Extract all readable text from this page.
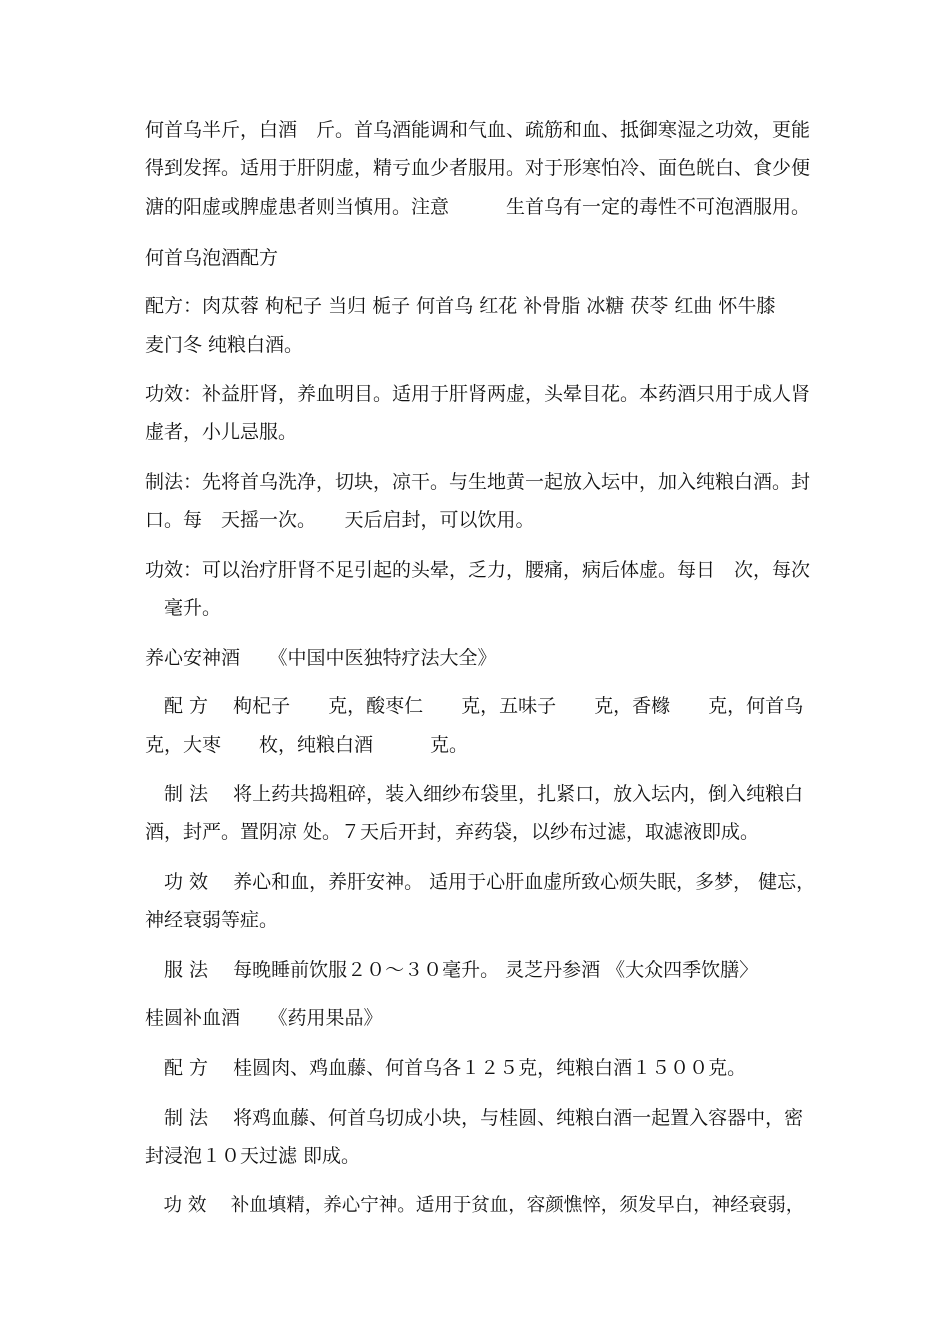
何首乌半斤，白酒　斤。首乌酒能调和气血、疏筋和血、抵御寒湿之功效，更能
得到发挥。适用于肝阴虚，精亏血少者服用。对于形寒怕冷、面色㿠白、食少便
溏的阳虚或脾虚患者则当慎用。注意　　　生首乌有一定的毒性不可泡酒服用。
何首乌泡酒配方
配方：肉苁蓉 枸杞子 当归 栀子 何首乌 红花 补骨脂 冰糖 茯苓 红曲 怀牛膝
麦门冬 纯粮白酒。
功效：补益肝肾，养血明目。适用于肝肾两虚，头晕目花。本药酒只用于成人肾
虚者，小儿忌服。
制法：先将首乌洗净，切块，凉干。与生地黄一起放入坛中，加入纯粮白酒。封
口。每　天摇一次。　　天后启封，可以饮用。
功效：可以治疗肝肾不足引起的头晕，乏力，腰痛，病后体虚。每日　次，每次
　毫升。
养心安神酒　　《中国中医独特疗法大全》
　配 方　 枸杞子　　克，酸枣仁　　克，五味子　　克，香橼　　克，何首乌
克，大枣　　枚，纯粮白酒　　　克。
　制 法　 将上药共捣粗碎，装入细纱布袋里，扎紧口，放入坛内，倒入纯粮白
酒，封严。置阴凉 处。７天后开封，弃药袋，以纱布过滤，取滤液即成。
　功 效　 养心和血，养肝安神。 适用于心肝血虚所致心烦失眠，多梦， 健忘，
神经衰弱等症。
　服 法　 每晚睡前饮服２０～３０毫升。 灵芝丹参酒 《大众四季饮膳〉
桂圆补血酒　　《药用果品》
　配 方　 桂圆肉、鸡血藤、何首乌各１２５克，纯粮白酒１５００克。
　制 法　 将鸡血藤、何首乌切成小块，与桂圆、纯粮白酒一起置入容器中，密
封浸泡１０天过滤 即成。
　功 效　 补血填精，养心宁神。适用于贫血，容颜憔悴，须发早白，神经衰弱，
